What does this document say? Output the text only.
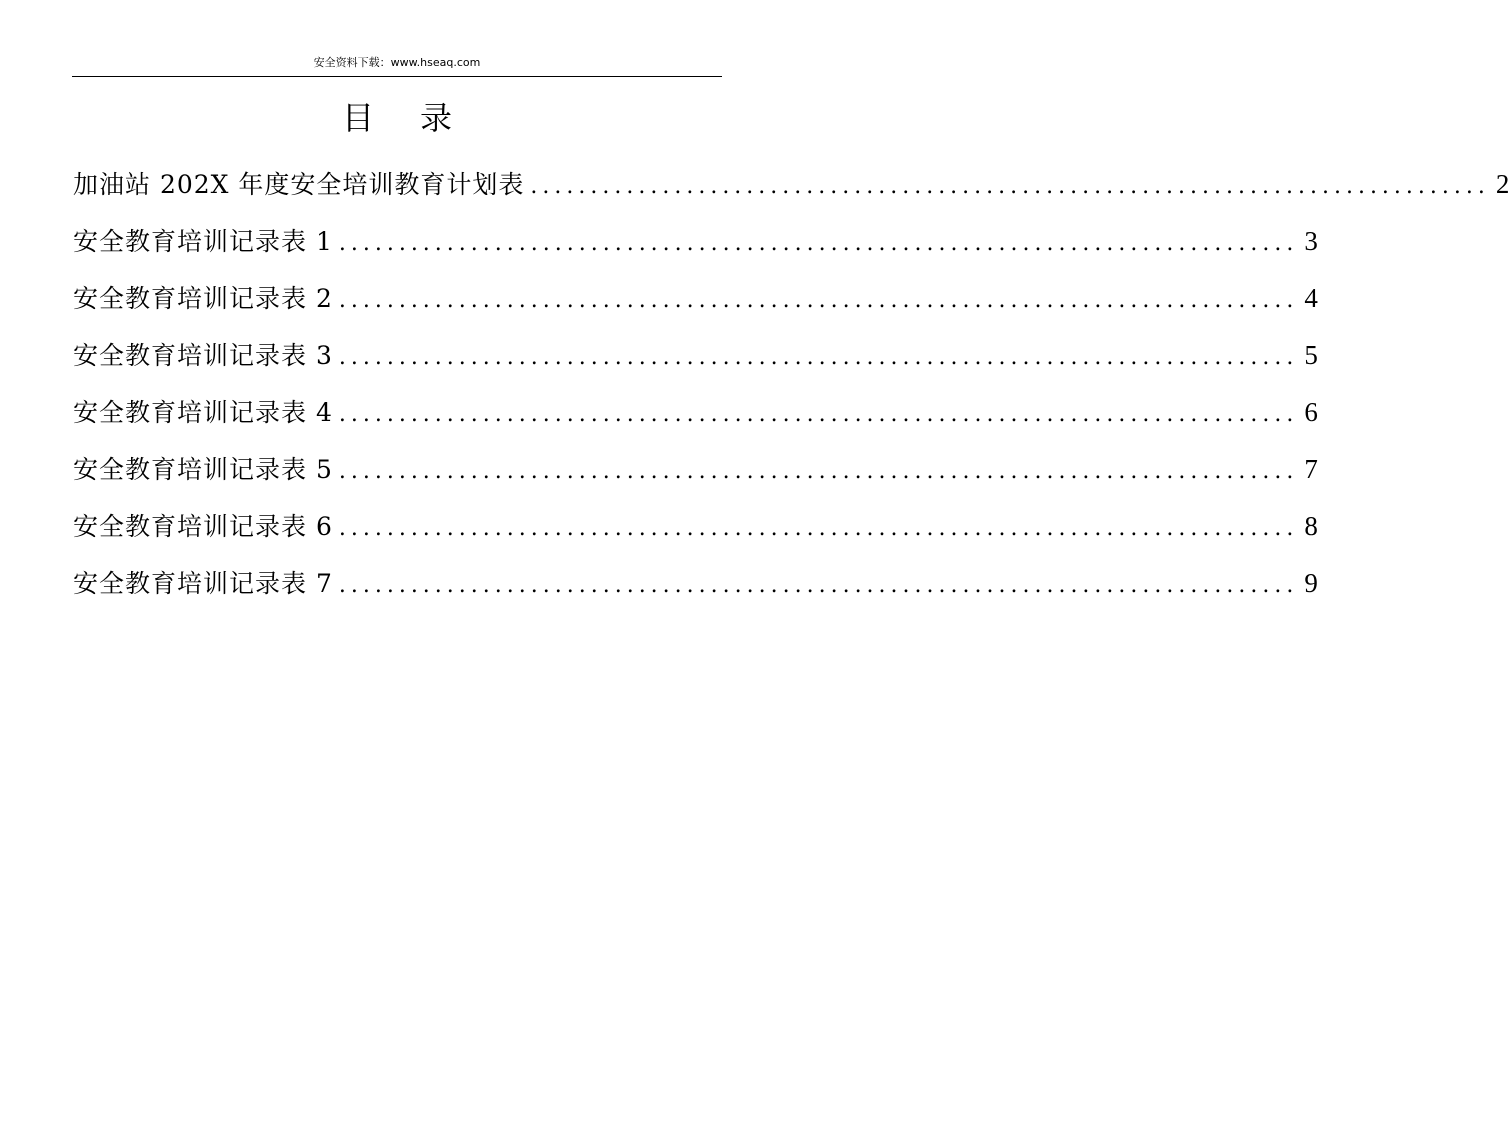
安全资料下载：www.hseaq.com
目录
加油站 202X 年度安全培训教育计划表 ................................................................................ 2
安全教育培训记录表 1 ................................................................................ 3
安全教育培训记录表 2 ................................................................................ 4
安全教育培训记录表 3 ................................................................................ 5
安全教育培训记录表 4 ................................................................................ 6
安全教育培训记录表 5 ................................................................................ 7
安全教育培训记录表 6 ................................................................................ 8
安全教育培训记录表 7 ................................................................................ 9
